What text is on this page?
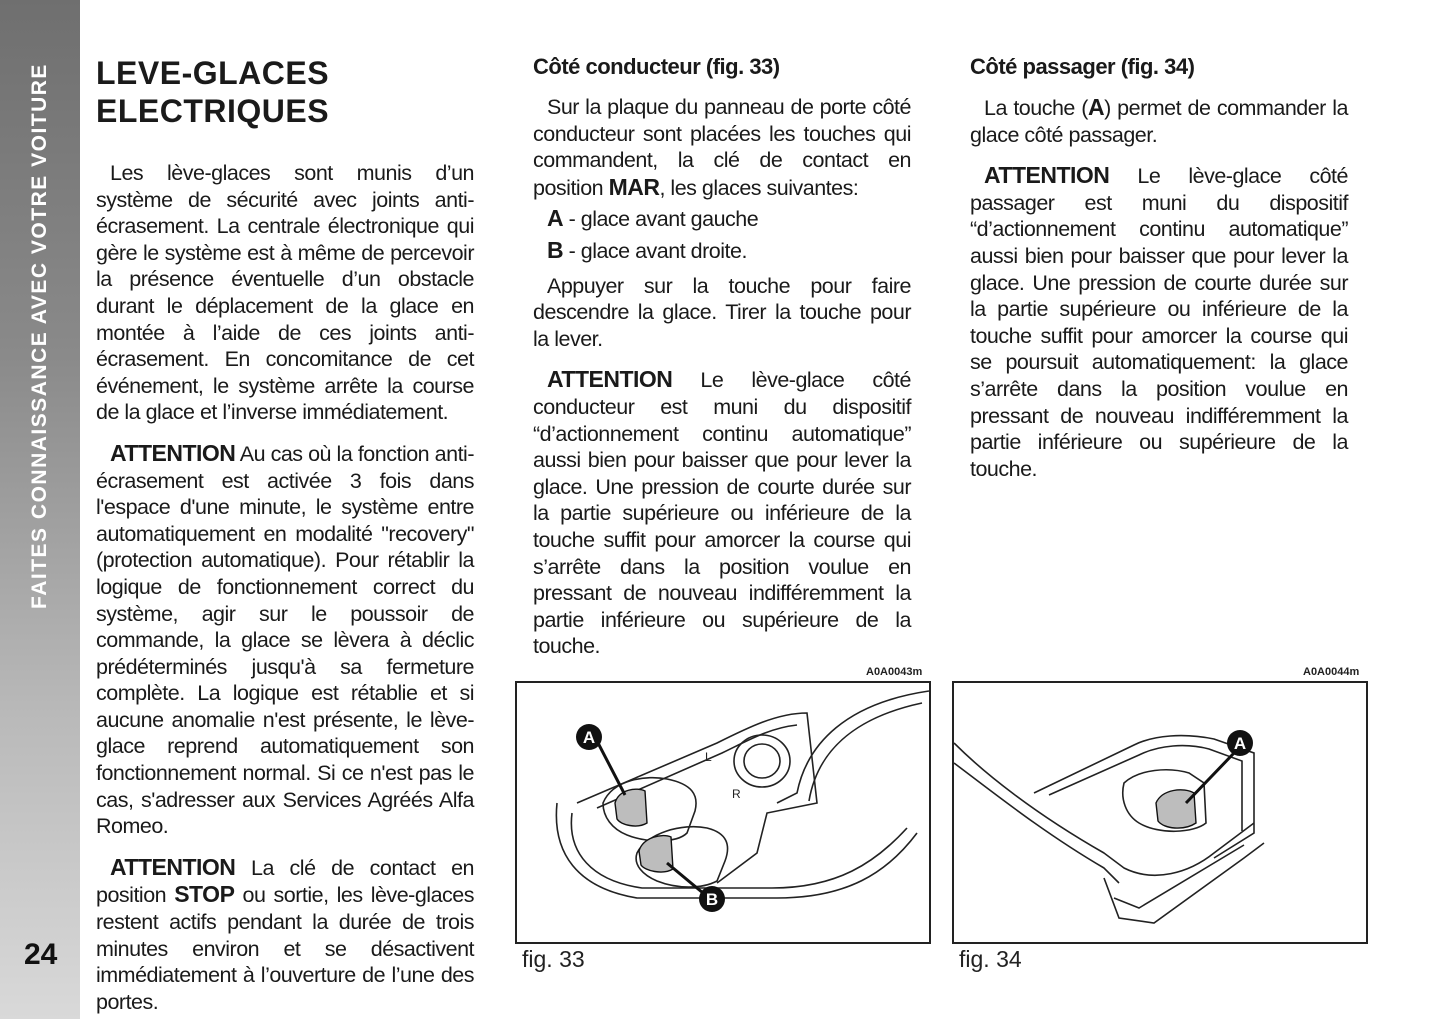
FAITES CONNAISSANCE AVEC VOTRE VOITURE
24
LEVE-GLACES
ELECTRIQUES

Les lève-glaces sont munis d’un système de sécurité avec joints anti-écrasement. La centrale électronique qui gère le système est à même de percevoir la présence éventuelle d’un obstacle durant le déplacement de la glace en montée à l’aide de ces joints anti-écrasement. En concomitance de cet événement, le système arrête la course de la glace et l’inverse immédiatement.

ATTENTION Au cas où la fonction anti-écrasement est activée 3 fois dans l'espace d'une minute, le système entre automatiquement en modalité "recovery" (protection automatique). Pour rétablir la logique de fonctionnement correct du système, agir sur le poussoir de commande, la glace se lèvera à déclic prédéterminés jusqu'à sa fermeture complète. La logique est rétablie et si aucune anomalie n'est présente, le lève-glace reprend automatiquement son fonctionnement normal. Si ce n'est pas le cas, s'adresser aux Services Agréés Alfa Romeo.

ATTENTION La clé de contact en position STOP ou sortie, les lève-glaces restent actifs pendant la durée de trois minutes environ et se désactivent immédiatement à l’ouverture de l’une des portes.

Côté conducteur (fig. 33)

Sur la plaque du panneau de porte côté conducteur sont placées les touches qui commandent, la clé de contact en position MAR, les glaces suivantes:

A - glace avant gauche
B - glace avant droite.

Appuyer sur la touche pour faire descendre la glace. Tirer la touche pour la lever.

ATTENTION Le lève-glace côté conducteur est muni du dispositif “d’actionnement continu automatique” aussi bien pour baisser que pour lever la glace. Une pression de courte durée sur la partie supérieure ou inférieure de la touche suffit pour amorcer la course qui s’arrête dans la position voulue en pressant de nouveau indifféremment la partie inférieure ou supérieure de la touche.

Côté passager (fig. 34)

La touche (A) permet de commander la glace côté passager.

ATTENTION Le lève-glace côté passager est muni du dispositif “d’actionnement continu automatique” aussi bien pour baisser que pour lever la glace. Une pression de courte durée sur la partie supérieure ou inférieure de la touche suffit pour amorcer la course qui se poursuit automatiquement: la glace s’arrête dans la position voulue en pressant de nouveau indifféremment la partie inférieure ou supérieure de la touche.

A0A0043m
L
R
A
B
fig. 33
A0A0044m
A
fig. 34
